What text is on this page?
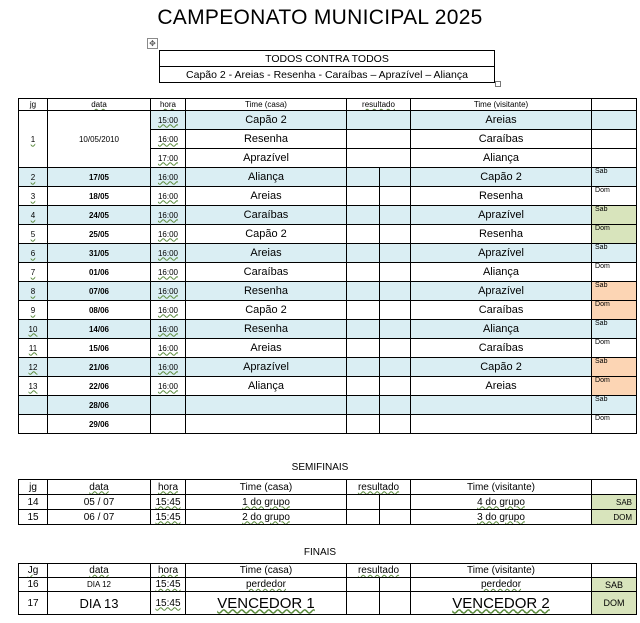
CAMPEONATO MUNICIPAL 2025
✥
TODOS CONTRA TODOS
Capão 2 - Areias - Resenha - Caraíbas – Aprazível – Aliança
jg	data	hora	Time (casa)	resultado		Time (visitante)	
1	10/05/2010	15:00	Capão 2			Areias	
		16:00	Resenha			Caraíbas	
		17:00	Aprazível			Aliança	
2	17/05	16:00	Aliança			Capão 2	Sab
3	18/05	16:00	Areias			Resenha	Dom
4	24/05	16:00	Caraíbas			Aprazível	Sab
5	25/05	16:00	Capão 2			Resenha	Dom
6	31/05	16:00	Areias			Aprazível	Sab
7	01/06	16:00	Caraíbas			Aliança	Dom
8	07/06	16:00	Resenha			Aprazível	Sab
9	08/06	16:00	Capão 2			Caraíbas	Dom
10	14/06	16:00	Resenha			Aliança	Sab
11	15/06	16:00	Areias			Caraíbas	Dom
12	21/06	16:00	Aprazível			Capão 2	Sab
13	22/06	16:00	Aliança			Areias	Dom
	28/06						Sab
	29/06						Dom
SEMIFINAIS
jg	data	hora	Time (casa)	resultado		Time (visitante)	
14	05 / 07	15:45	1 do grupo			4 do grupo	SAB
15	06 / 07	15:45	2 do grupo			3 do grupo	DOM
FINAIS
Jg	data	hora	Time (casa)	resultado		Time (visitante)	
16	DIA 12	15:45	perdedor			perdedor	SAB
17	DIA 13	15:45	VENCEDOR 1			VENCEDOR 2	DOM
